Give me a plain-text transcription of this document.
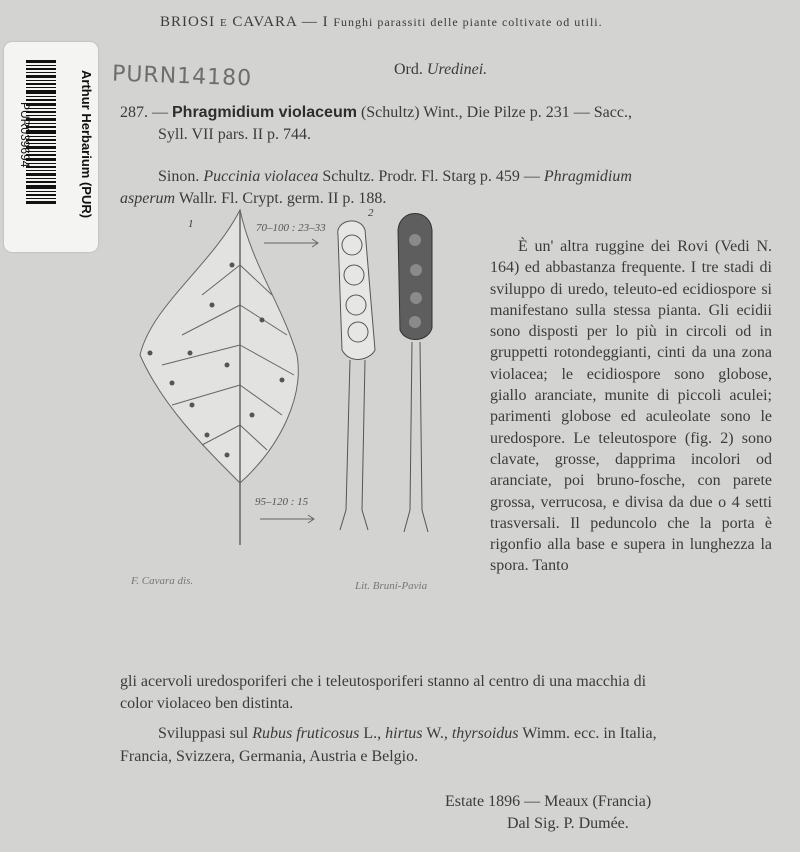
Arthur Herbarium (PUR)
PUR039694
PURN14180
BRIOSI E CAVARA — I Funghi parassiti delle piante coltivate od utili.
Ord. Uredinei.
287. — Phragmidium violaceum (Schultz) Wint., Die Pilze p. 231 — Sacc.,
Syll. VII pars. II p. 744.
Sinon. Puccinia violacea Schultz. Prodr. Fl. Starg p. 459 — Phragmidium
asperum Wallr. Fl. Crypt. germ. II p. 188.
1
2
70–100 : 23–33
95–120 : 15
F. Cavara dis.	Lit. Bruni-Pavia

È un' altra ruggine dei Rovi (Vedi N. 164) ed abbastanza frequente. I tre stadi di sviluppo di uredo, teleuto-ed ecidiospore si manifestano sulla stessa pianta. Gli ecidii sono disposti per lo più in circoli od in gruppetti rotondeggianti, cinti da una zona violacea; le ecidiospore sono globose, giallo aranciate, munite di piccoli aculei; parimenti globose ed aculeolate sono le uredospore. Le teleutospore (fig. 2) sono clavate, grosse, dapprima incolori od aranciate, poi bruno-fosche, con parete grossa, verrucosa, e divisa da due o 4 setti trasversali. Il peduncolo che la porta è rigonfio alla base e supera in lunghezza la spora. Tanto

gli acervoli uredosporiferi che i teleutosporiferi stanno al centro di una macchia di
color violaceo ben distinta.
Sviluppasi sul Rubus fruticosus L., hirtus W., thyrsoidus Wimm. ecc. in Italia,
Francia, Svizzera, Germania, Austria e Belgio.
Estate 1896 — Meaux (Francia)
Dal Sig. P. Dumée.
